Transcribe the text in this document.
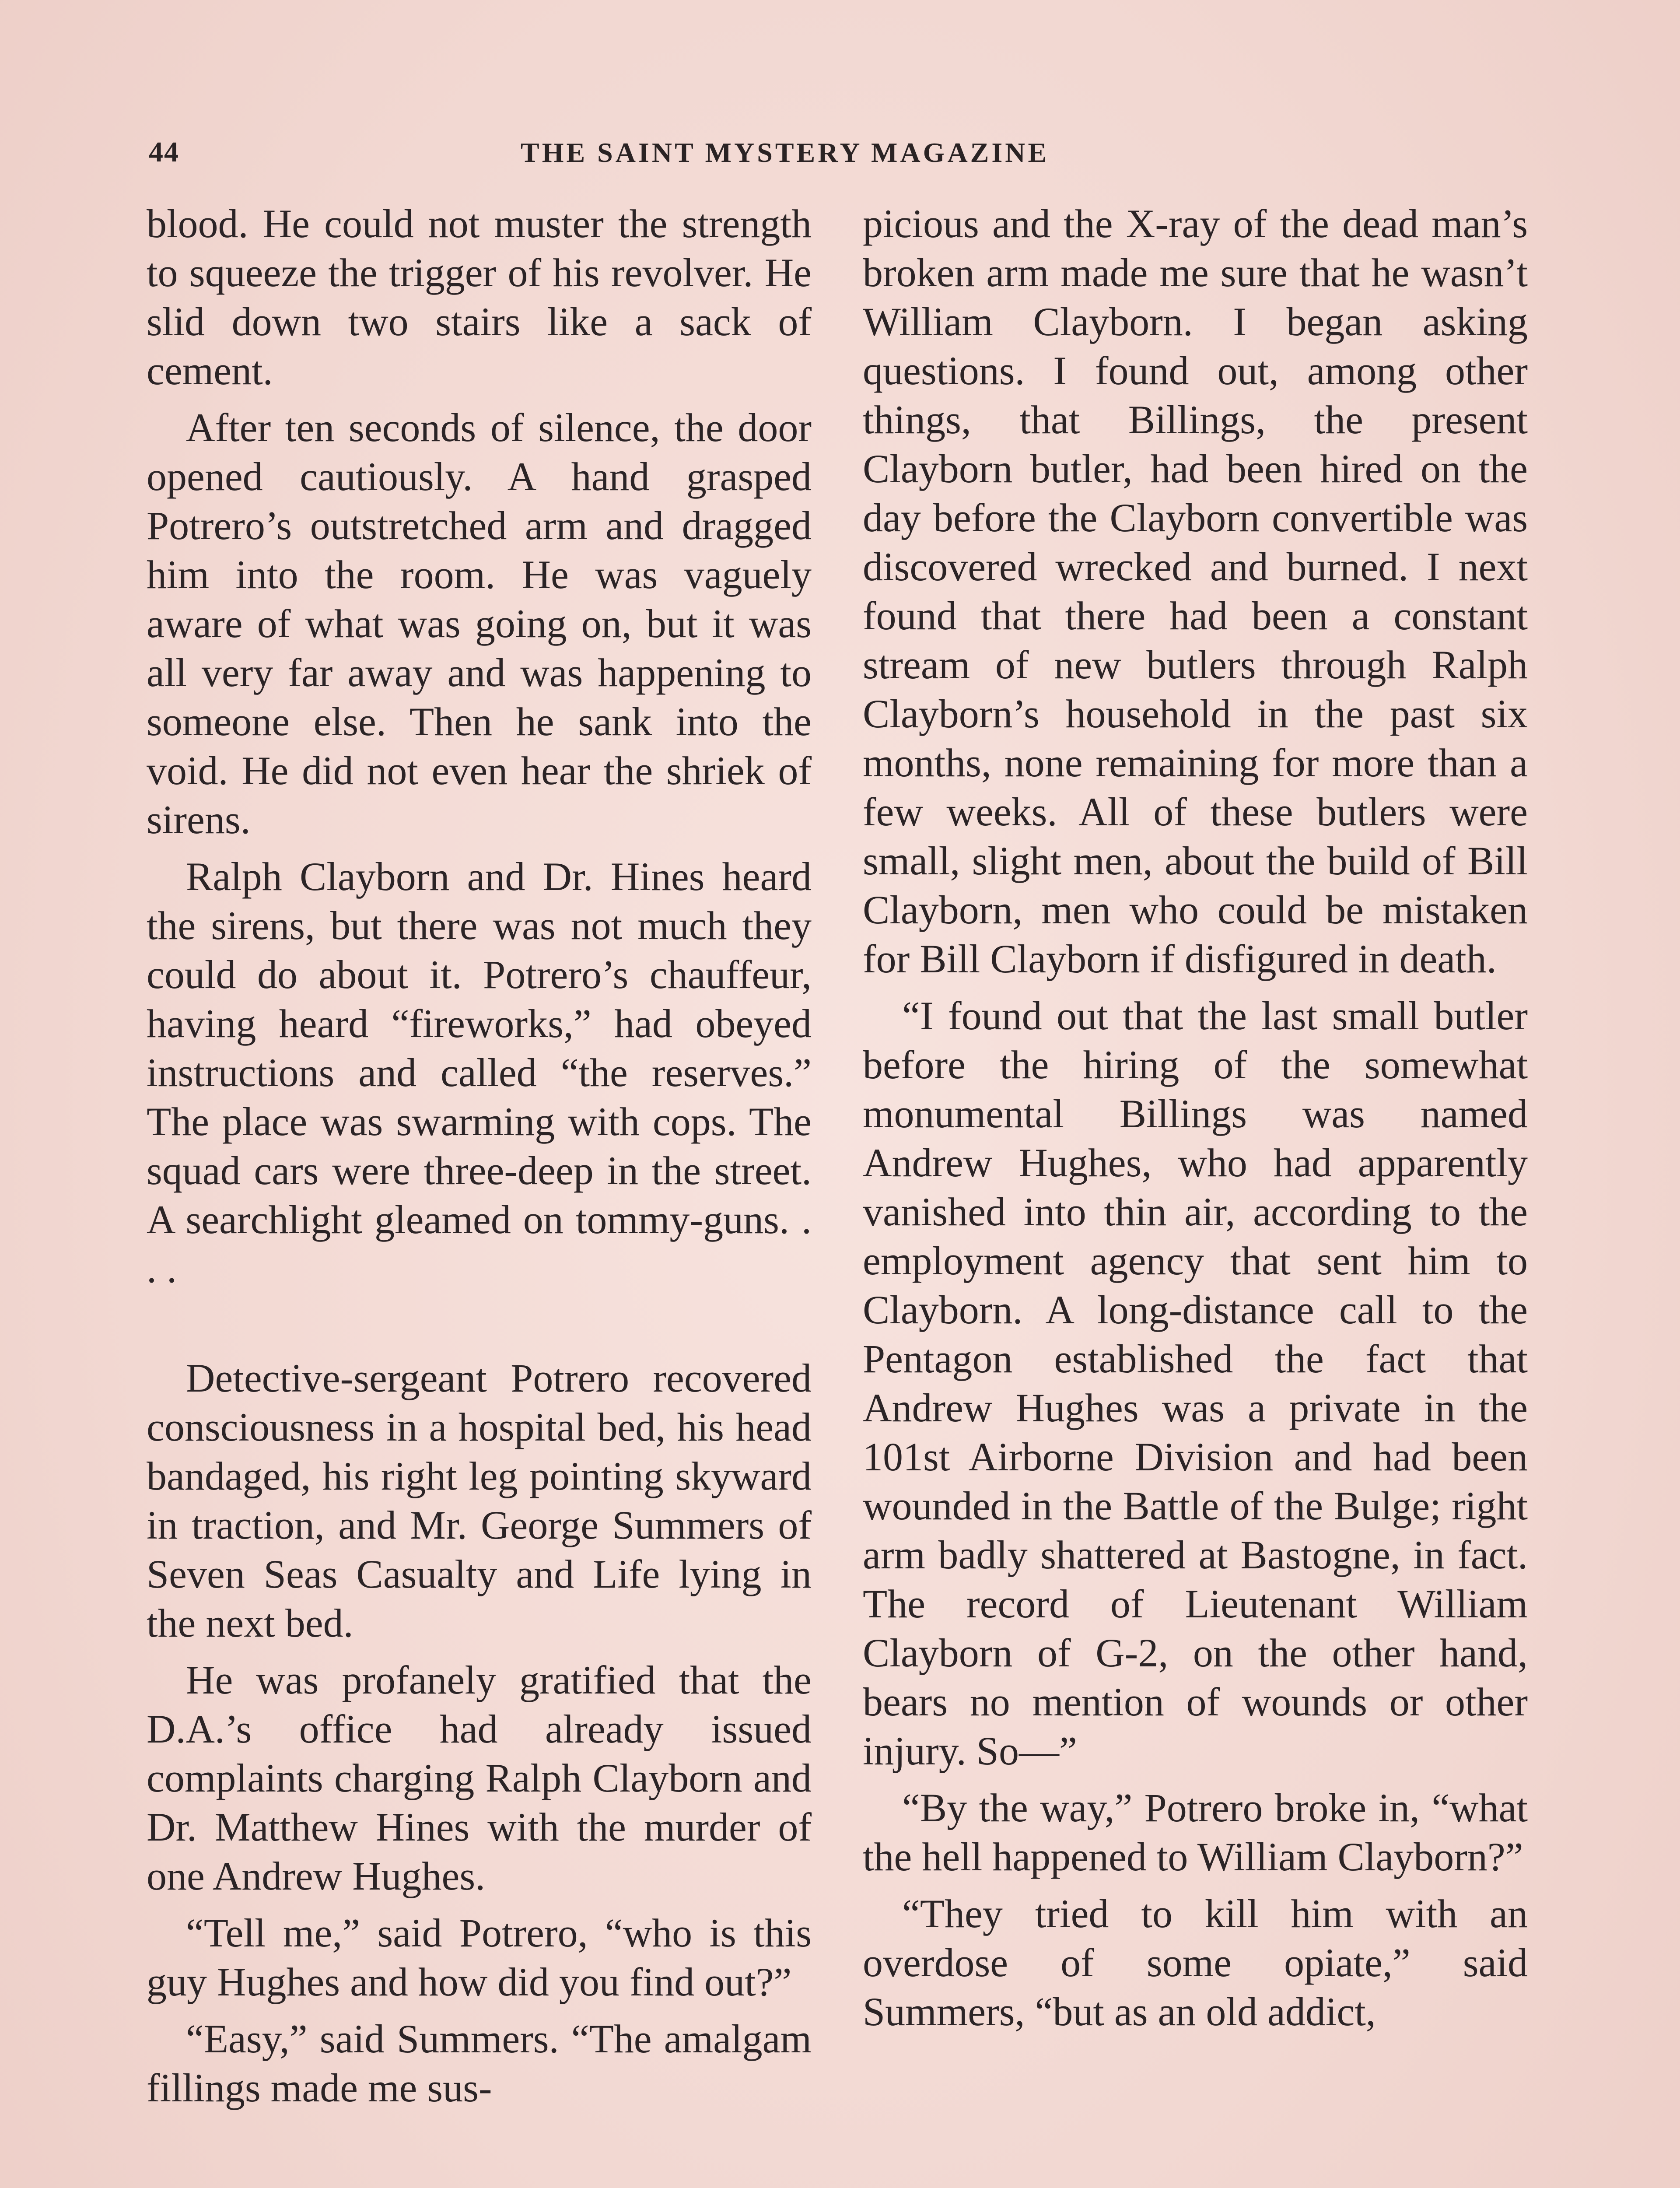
44	THE SAINT MYSTERY MAGAZINE

blood. He could not muster the strength to squeeze the trigger of his revolver. He slid down two stairs like a sack of cement.

After ten seconds of silence, the door opened cautiously. A hand grasped Potrero’s outstretched arm and dragged him into the room. He was vaguely aware of what was going on, but it was all very far away and was happening to someone else. Then he sank into the void. He did not even hear the shriek of sirens.

Ralph Clayborn and Dr. Hines heard the sirens, but there was not much they could do about it. Potrero’s chauffeur, having heard “fireworks,” had obeyed instructions and called “the reserves.” The place was swarming with cops. The squad cars were three-deep in the street. A searchlight gleamed on tommy-guns. . . .

Detective-sergeant Potrero recovered consciousness in a hospital bed, his head bandaged, his right leg pointing skyward in traction, and Mr. George Summers of Seven Seas Casualty and Life lying in the next bed.

He was profanely gratified that the D.A.’s office had already issued complaints charging Ralph Clayborn and Dr. Matthew Hines with the murder of one Andrew Hughes.

“Tell me,” said Potrero, “who is this guy Hughes and how did you find out?”

“Easy,” said Summers. “The amalgam fillings made me sus-

picious and the X-ray of the dead man’s broken arm made me sure that he wasn’t William Clayborn. I began asking questions. I found out, among other things, that Billings, the present Clayborn butler, had been hired on the day before the Clayborn convertible was discovered wrecked and burned. I next found that there had been a constant stream of new butlers through Ralph Clayborn’s household in the past six months, none remaining for more than a few weeks. All of these butlers were small, slight men, about the build of Bill Clayborn, men who could be mistaken for Bill Clayborn if disfigured in death.

“I found out that the last small butler before the hiring of the somewhat monumental Billings was named Andrew Hughes, who had apparently vanished into thin air, according to the employment agency that sent him to Clayborn. A long-distance call to the Pentagon established the fact that Andrew Hughes was a private in the 101st Airborne Division and had been wounded in the Battle of the Bulge; right arm badly shattered at Bastogne, in fact. The record of Lieutenant William Clayborn of G-2, on the other hand, bears no mention of wounds or other injury. So—”

“By the way,” Potrero broke in, “what the hell happened to William Clayborn?”

“They tried to kill him with an overdose of some opiate,” said Summers, “but as an old addict,
